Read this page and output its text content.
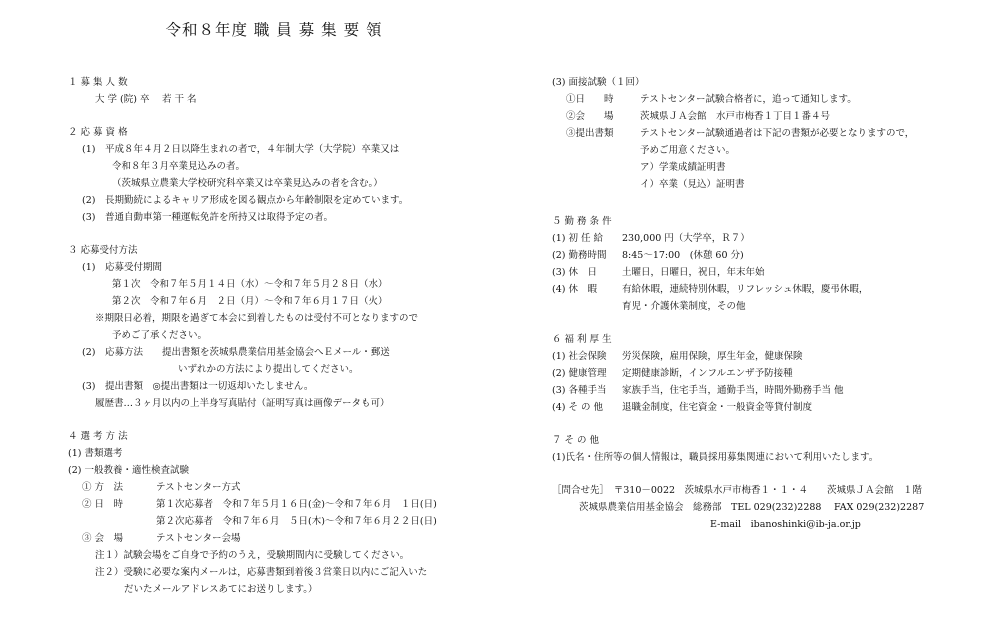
令和８年度 職 員 募 集 要 領
１ 募 集 人 数
大 学 (院) 卒　 若 干 名
２ 応 募 資 格
(1)　平成８年４月２日以降生まれの者で，４年制大学（大学院）卒業又は
令和８年３月卒業見込みの者。
（茨城県立農業大学校研究科卒業又は卒業見込みの者を含む。）
(2)　長期勤続によるキャリア形成を図る観点から年齢制限を定めています。
(3)　普通自動車第一種運転免許を所持又は取得予定の者。
３ 応募受付方法
(1)　応募受付期間
第１次　令和７年５月１４日（水）～令和７年５月２８日（水）
第２次　令和７年６月　２日（月）～令和７年６月１７日（火）
※期限日必着，期限を過ぎて本会に到着したものは受付不可となりますので
予めご了承ください。
(2)　応募方法　　提出書類を茨城県農業信用基金協会へＥメール・郵送
いずれかの方法により提出してください。
(3)　提出書類　◎提出書類は一切返却いたしません。
履歴書…３ヶ月以内の上半身写真貼付（証明写真は画像データも可）
４ 選 考 方 法
(1) 書類選考
(2) 一般教養・適性検査試験
① 方　法	テストセンター方式
② 日　時	第１次応募者　令和７年５月１６日(金)～令和７年６月　１日(日)
第２次応募者　令和７年６月　５日(木)～令和７年６月２２日(日)
③ 会　場	テストセンター会場
注１）試験会場をご自身で予約のうえ，受験期間内に受験してください。
注２）受験に必要な案内メールは，応募書類到着後３営業日以内にご記入いた
だいたメールアドレスあてにお送りします。）
(3) 面接試験（１回）
①日　　時	テストセンター試験合格者に，追って通知します。
②会　　場	茨城県ＪＡ会館　水戸市梅香１丁目１番４号
③提出書類	テストセンター試験通過者は下記の書類が必要となりますので，
予めご用意ください。
ア）学業成績証明書
イ）卒業（見込）証明書
５ 勤 務 条 件
(1) 初 任 給	230,000 円（大学卒，Ｒ７）
(2) 勤務時間	8:45～17:00　(休憩 60 分)
(3) 休　日	土曜日，日曜日，祝日，年末年始
(4) 休　暇	有給休暇，連続特別休暇，リフレッシュ休暇，慶弔休暇，
育児・介護休業制度，その他
６ 福 利 厚 生
(1) 社会保険	労災保険，雇用保険，厚生年金，健康保険
(2) 健康管理	定期健康診断，インフルエンザ予防接種
(3) 各種手当	家族手当，住宅手当，通勤手当，時間外勤務手当 他
(4) そ の 他	退職金制度，住宅資金・一般資金等貸付制度
７ そ の 他
(1)氏名・住所等の個人情報は，職員採用募集関連において利用いたします。
［問合せ先］　〒310－0022　茨城県水戸市梅香１・１・４　　茨城県ＪＡ会館　１階
茨城県農業信用基金協会　総務部　TEL 029(232)2288　 FAX 029(232)2287
E-mail　ibanoshinki@ib-ja.or.jp
